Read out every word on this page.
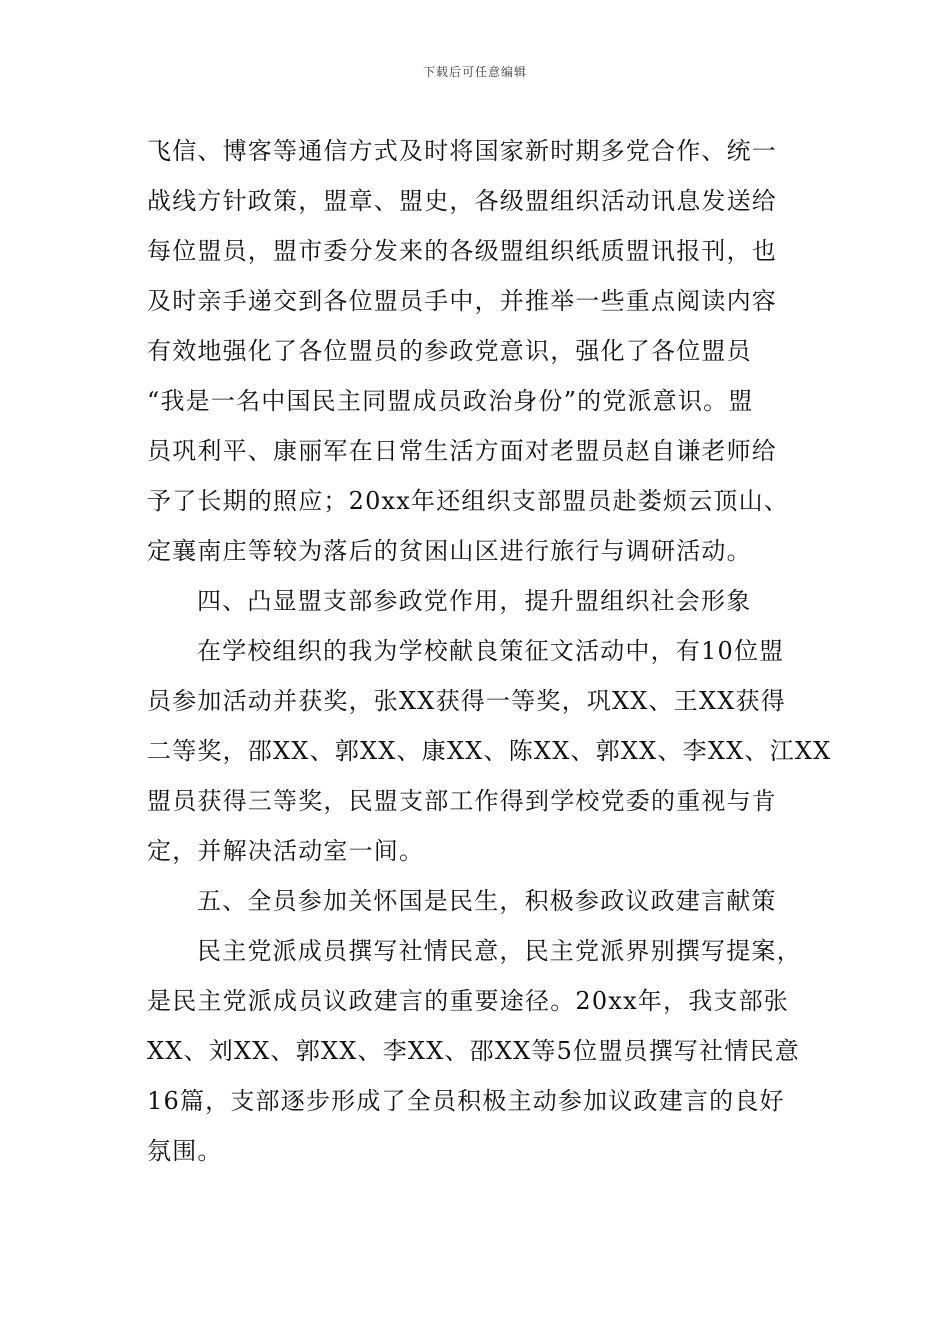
下载后可任意编辑
飞信、博客等通信方式及时将国家新时期多党合作、统一
战线方针政策，盟章、盟史，各级盟组织活动讯息发送给
每位盟员，盟市委分发来的各级盟组织纸质盟讯报刊，也
及时亲手递交到各位盟员手中，并推举一些重点阅读内容
有效地强化了各位盟员的参政党意识，强化了各位盟员
“我是一名中国民主同盟成员政治身份”的党派意识。盟
员巩利平、康丽军在日常生活方面对老盟员赵自谦老师给
予了长期的照应；20xx年还组织支部盟员赴娄烦云顶山、
定襄南庄等较为落后的贫困山区进行旅行与调研活动。
四、凸显盟支部参政党作用，提升盟组织社会形象
在学校组织的我为学校献良策征文活动中，有10位盟
员参加活动并获奖，张XX获得一等奖，巩XX、王XX获得
二等奖，邵XX、郭XX、康XX、陈XX、郭XX、李XX、江XX
盟员获得三等奖，民盟支部工作得到学校党委的重视与肯
定，并解决活动室一间。
五、全员参加关怀国是民生，积极参政议政建言献策
民主党派成员撰写社情民意，民主党派界别撰写提案，
是民主党派成员议政建言的重要途径。20xx年，我支部张
XX、刘XX、郭XX、李XX、邵XX等5位盟员撰写社情民意
16篇，支部逐步形成了全员积极主动参加议政建言的良好
氛围。
